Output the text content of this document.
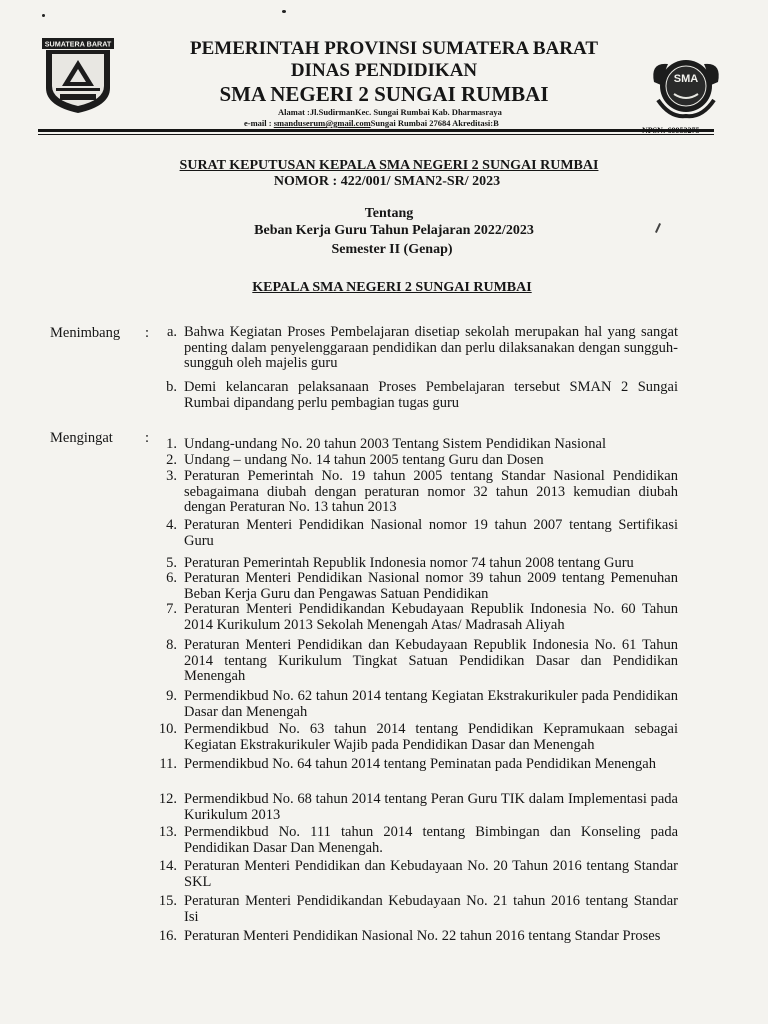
SUMATERA BARAT	PEMERINTAH PROVINSI SUMATERA BARAT
DINAS PENDIDIKAN
SMA NEGERI 2 SUNGAI RUMBAI
Alamat :Jl.SudirmanKec. Sungai Rumbai Kab. Dharmasraya
e-mail : smanduserum@gmail.comSungai Rumbai 27684 Akreditasi:B
SMA
SURAT KEPUTUSAN KEPALA SMA NEGERI 2 SUNGAI RUMBAI
NOMOR : 422/001/ SMAN2-SR/ 2023
Tentang
Beban Kerja Guru Tahun Pelajaran 2022/2023
Semester II (Genap)
KEPALA SMA NEGERI 2 SUNGAI RUMBAI
Menimbang :	a. Bahwa Kegiatan Proses Pembelajaran disetiap sekolah merupakan hal yang sangat penting dalam penyelenggaraan pendidikan dan perlu dilaksanakan dengan sungguh-sungguh oleh majelis guru
b. Demi kelancaran pelaksanaan Proses Pembelajaran tersebut SMAN 2 Sungai Rumbai dipandang perlu pembagian tugas guru
Mengingat :	1. Undang-undang No. 20 tahun 2003 Tentang Sistem Pendidikan Nasional
2. Undang – undang No. 14 tahun 2005 tentang Guru dan Dosen
3. Peraturan Pemerintah No. 19 tahun 2005 tentang Standar Nasional Pendidikan sebagaimana diubah dengan peraturan nomor 32 tahun 2013 kemudian diubah dengan Peraturan No. 13 tahun 2013
4. Peraturan Menteri Pendidikan Nasional nomor 19 tahun 2007 tentang Sertifikasi Guru
5. Peraturan Pemerintah Republik Indonesia nomor 74 tahun 2008 tentang Guru
6. Peraturan Menteri Pendidikan Nasional nomor 39 tahun 2009 tentang Pemenuhan Beban Kerja Guru dan Pengawas Satuan Pendidikan
7. Peraturan Menteri Pendidikandan Kebudayaan Republik Indonesia No. 60 Tahun 2014 Kurikulum 2013 Sekolah Menengah Atas/ Madrasah Aliyah
8. Peraturan Menteri Pendidikan dan Kebudayaan Republik Indonesia No. 61 Tahun 2014 tentang Kurikulum Tingkat Satuan Pendidikan Dasar dan Pendidikan Menengah
9. Permendikbud No. 62 tahun 2014 tentang Kegiatan Ekstrakurikuler pada Pendidikan Dasar dan Menengah
10. Permendikbud No. 63 tahun 2014 tentang Pendidikan Kepramukaan sebagai Kegiatan Ekstrakurikuler Wajib pada Pendidikan Dasar dan Menengah
11. Permendikbud No. 64 tahun 2014 tentang Peminatan pada Pendidikan Menengah
12. Permendikbud No. 68 tahun 2014 tentang Peran Guru TIK dalam Implementasi pada Kurikulum 2013
13. Permendikbud No. 111 tahun 2014 tentang Bimbingan dan Konseling pada Pendidikan Dasar Dan Menengah.
14. Peraturan Menteri Pendidikan dan Kebudayaan No. 20 Tahun 2016 tentang Standar SKL
15. Peraturan Menteri Pendidikandan Kebudayaan No. 21 tahun 2016 tentang Standar Isi
16. Peraturan Menteri Pendidikan Nasional No. 22 tahun 2016 tentang Standar Proses
